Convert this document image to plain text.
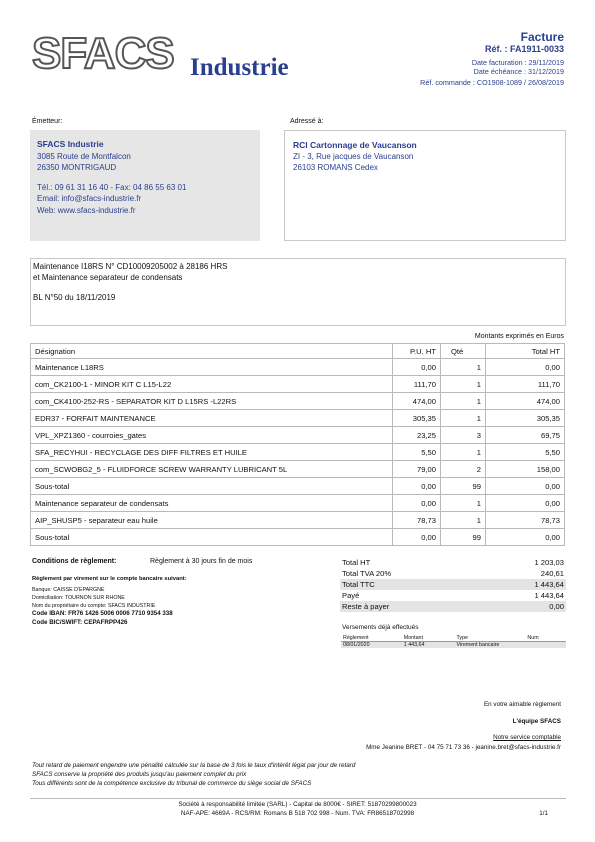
SFACS Industrie
Facture
Réf. : FA1911-0033
Date facturation : 29/11/2019
Date échéance : 31/12/2019
Réf. commande : CO1908-1089 / 26/08/2019
Émetteur:
SFACS Industrie
3085 Route de Montfalcon
26350 MONTRIGAUD
Tél.: 09 61 31 16 40 - Fax: 04 86 55 63 01
Email: info@sfacs-industrie.fr
Web: www.sfacs-industrie.fr
Adressé à:
RCI Cartonnage de Vaucanson
ZI - 3, Rue jacques de Vaucanson
26103 ROMANS Cedex
Maintenance I18RS N° CD10009205002 à 28186 HRS
et Maintenance separateur de condensats
BL N°50 du 18/11/2019
Montants exprimés en Euros
Désignation	P.U. HT	Qté	Total HT
Maintenance L18RS	0,00	1	0,00
com_CK2100-1 - MINOR KIT C L15-L22	111,70	1	111,70
com_CK4100-252-RS - SEPARATOR KIT D L15RS -L22RS	474,00	1	474,00
EDR37 - FORFAIT MAINTENANCE	305,35	1	305,35
VPL_XPZ1360 - courroies_gates	23,25	3	69,75
SFA_RECYHUI - RECYCLAGE DES DIFF FILTRES ET HUILE	5,50	1	5,50
com_SCWOBG2_5 - FLUIDFORCE SCREW WARRANTY LUBRICANT 5L	79,00	2	158,00
Sous-total	0,00	99	0,00
Maintenance separateur de condensats	0,00	1	0,00
AIP_SHUSP5 - separateur eau huile	78,73	1	78,73
Sous-total	0,00	99	0,00
Conditions de règlement:	Règlement à 30 jours fin de mois
Règlement par virement sur le compte bancaire suivant:
Banque: CAISSE D'EPARGNE
Domiciliation: TOURNON SUR RHONE
Nom du propriétaire du compte: SFACS INDUSTRIE
Code IBAN: FR76 1426 5006 0006 7710 9354 338
Code BIC/SWIFT: CEPAFRPP426
Total HT	1 203,03
Total TVA 20%	240,61
Total TTC	1 443,64
Payé	1 443,64
Reste à payer	0,00
Versements déjà effectués
Règlement	Montant	Type	Num
08/01/2020	1 443,64	Virement bancaire	
En votre aimable règlement
L'équipe SFACS
Notre service comptable
Mme Jeanine BRET - 04 75 71 73 36 - jeanine.bret@sfacs-industrie.fr
Tout retard de paiement engendre une pénalité calculée sur la base de 3 fois le taux d'intérêt légal par jour de retard
SFACS conserve la propriété des produits jusqu'au paiement complet du prix
Tous différents sont de la compétence exclusive du tribunal de commerce du siège social de SFACS
Société à responsabilité limitée (SARL) - Capital de 8000€ - SIRET: 51870299800023
NAF-APE: 4669A - RCS/RM: Romans B 518 702 998 - Num. TVA: FR86518702998	1/1
